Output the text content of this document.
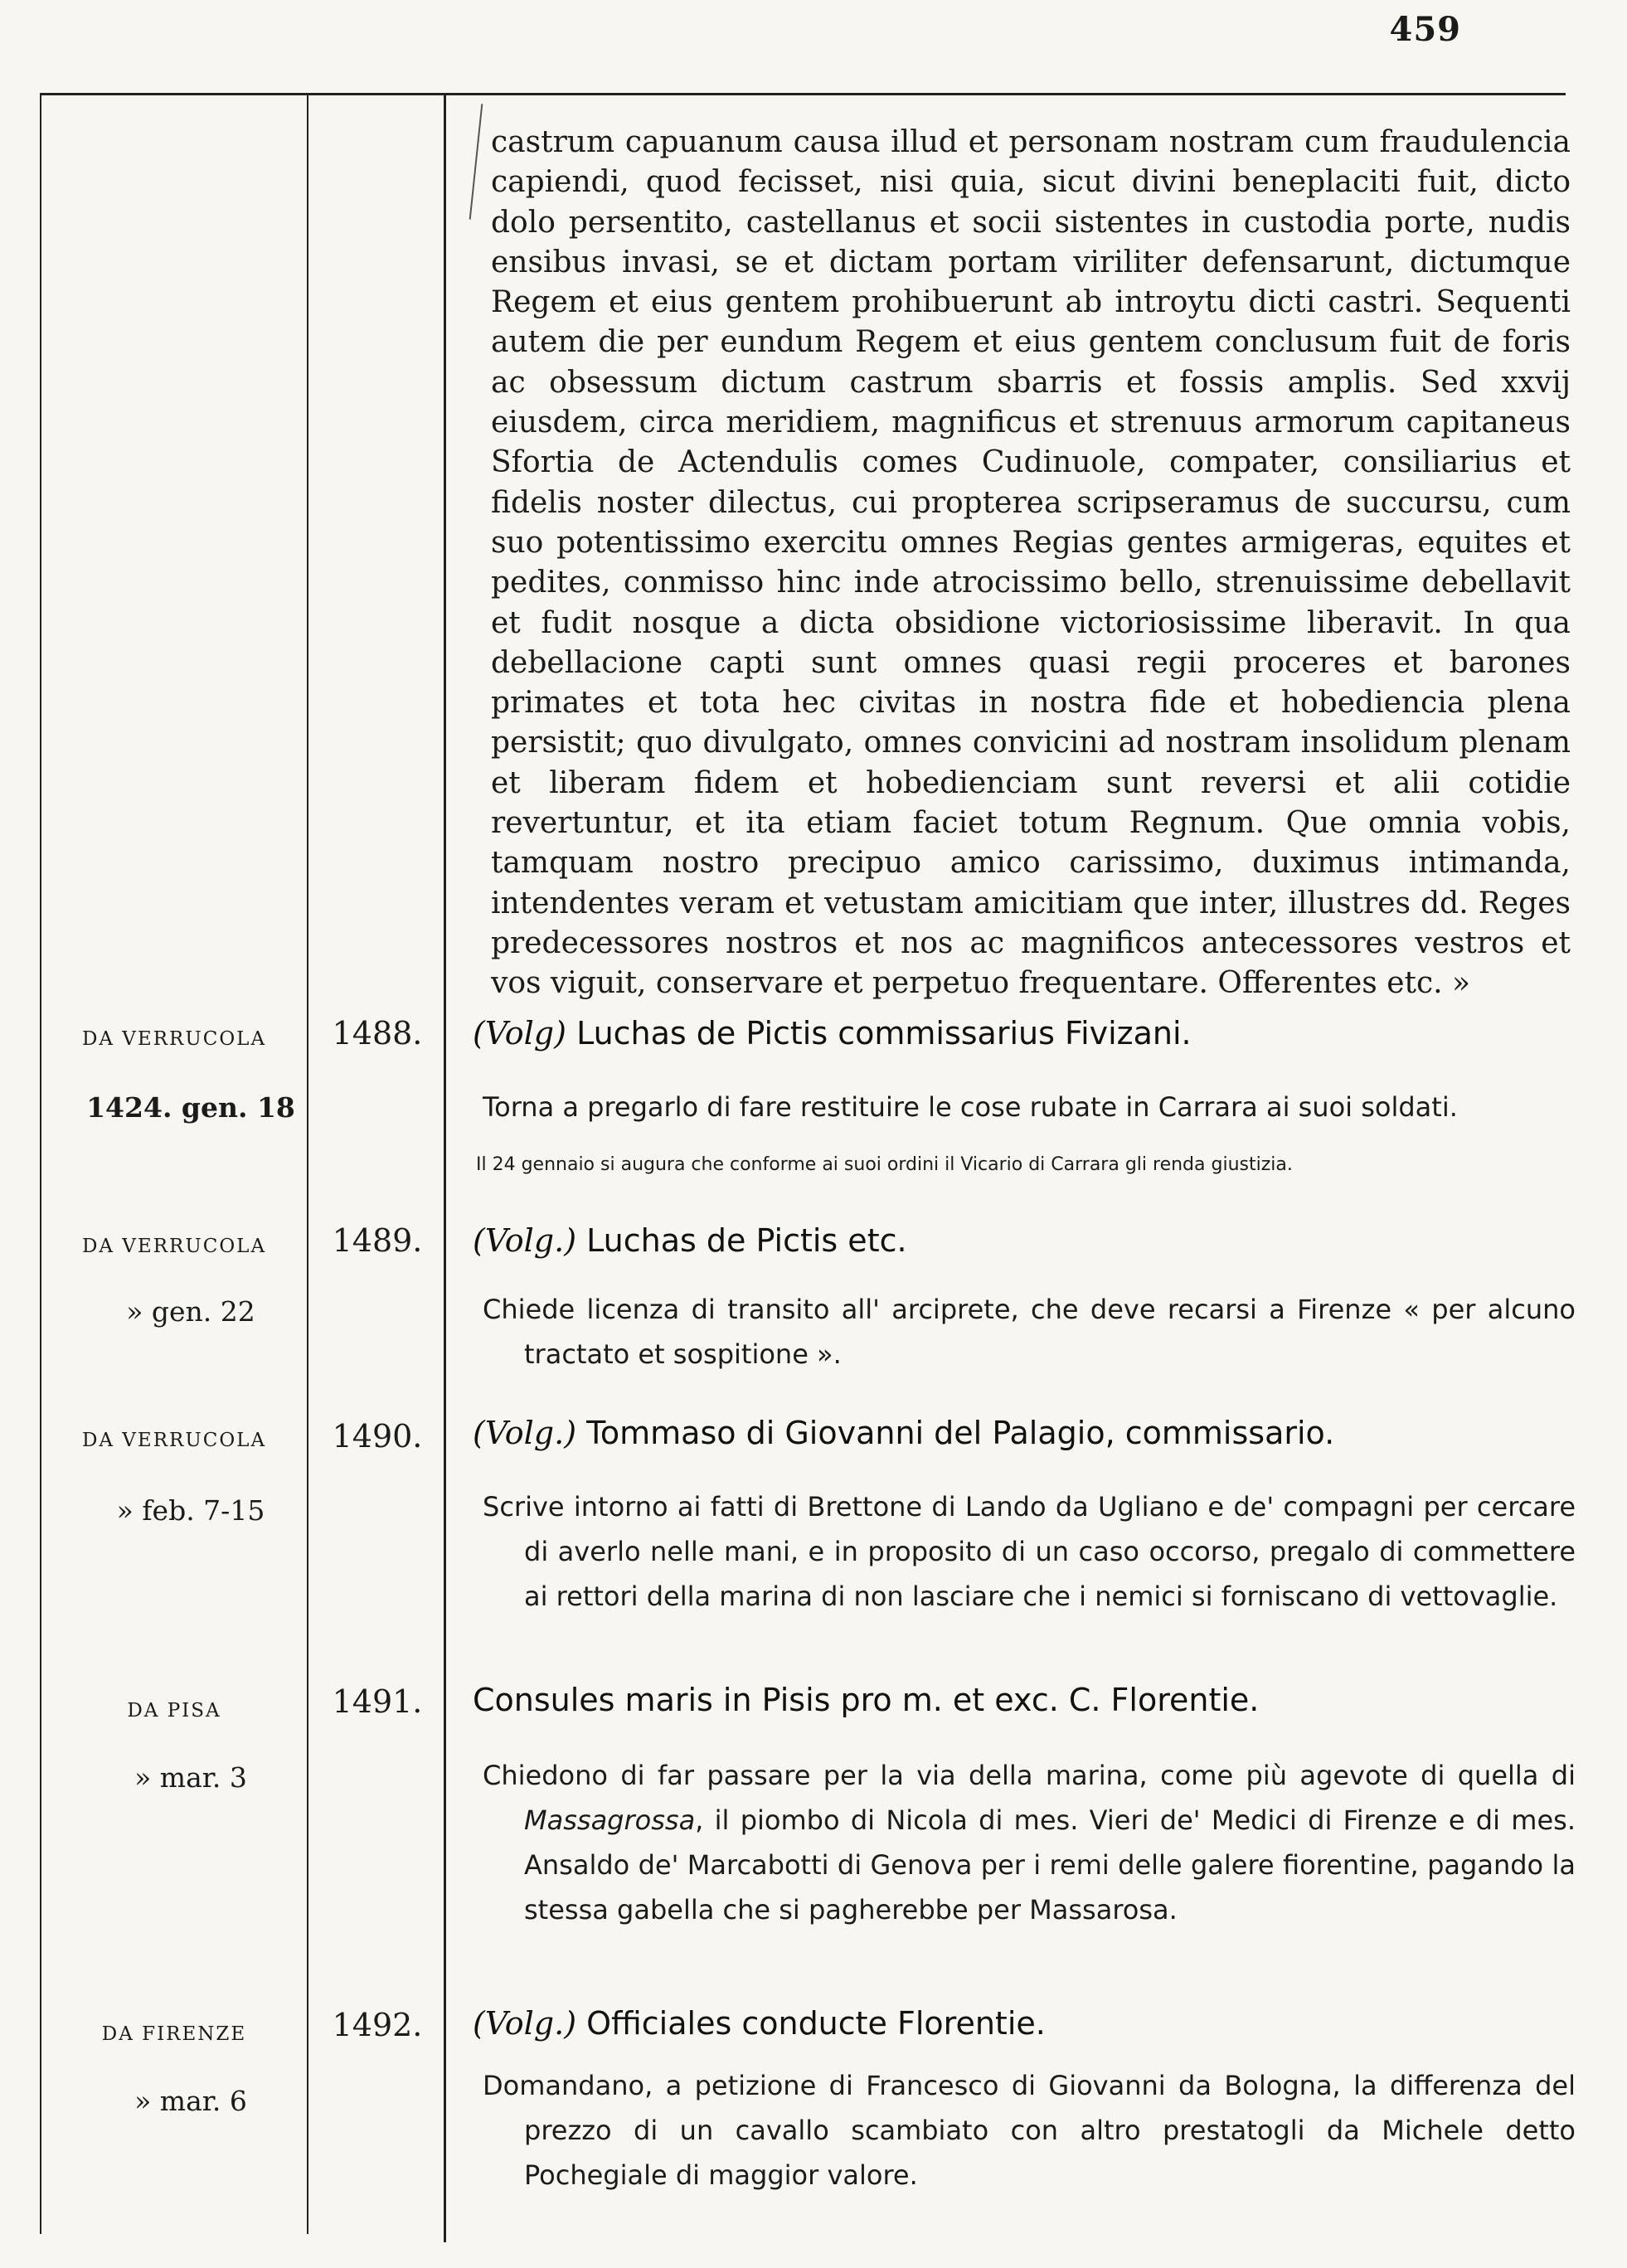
459

castrum capuanum causa illud et personam nostram cum fraudulencia capiendi, quod fecisset, nisi quia, sicut divini beneplaciti fuit, dicto dolo persentito, castellanus et socii sistentes in custodia porte, nudis ensibus invasi, se et dictam portam viriliter defensarunt, dictumque Regem et eius gentem prohibuerunt ab introytu dicti castri. Sequenti autem die per eundum Regem et eius gentem conclusum fuit de foris ac obsessum dictum castrum sbarris et fossis amplis. Sed xxvij eiusdem, circa meridiem, magnificus et strenuus armorum capitaneus Sfortia de Actendulis comes Cudinuole, compater, consiliarius et fidelis noster dilectus, cui propterea scripseramus de succursu, cum suo potentissimo exercitu omnes Regias gentes armigeras, equites et pedites, conmisso hinc inde atrocissimo bello, strenuissime debellavit et fudit nosque a dicta obsidione victoriosissime liberavit. In qua debellacione capti sunt omnes quasi regii proceres et barones primates et tota hec civitas in nostra fide et hobediencia plena persistit; quo divulgato, omnes convicini ad nostram insolidum plenam et liberam fidem et hobedienciam sunt reversi et alii cotidie revertuntur, et ita etiam faciet totum Regnum. Que omnia vobis, tamquam nostro precipuo amico carissimo, duximus intimanda, intendentes veram et vetustam amicitiam que inter, illustres dd. Reges predecessores nostros et nos ac magnificos antecessores vestros et vos viguit, conservare et perpetuo frequentare. Offerentes etc. »

DA VERRUCOLA	1488.	(Volg) Luchas de Pictis commissarius Fivizani.
1424. gen. 18	Torna a pregarlo di fare restituire le cose rubate in Carrara ai suoi soldati.
Il 24 gennaio si augura che conforme ai suoi ordini il Vicario di Carrara gli renda giustizia.
DA VERRUCOLA	1489.	(Volg.) Luchas de Pictis etc.
» gen. 22	Chiede licenza di transito all' arciprete, che deve recarsi a Firenze « per alcuno tractato et sospitione ».
DA VERRUCOLA	1490.	(Volg.) Tommaso di Giovanni del Palagio, commissario.
» feb. 7-15	Scrive intorno ai fatti di Brettone di Lando da Ugliano e de' compagni per cercare di averlo nelle mani, e in proposito di un caso occorso, pregalo di commettere ai rettori della marina di non lasciare che i nemici si forniscano di vettovaglie.
DA PISA	1491.	Consules maris in Pisis pro m. et exc. C. Florentie.
» mar. 3	Chiedono di far passare per la via della marina, come più agevote di quella di Massagrossa, il piombo di Nicola di mes. Vieri de' Medici di Firenze e di mes. Ansaldo de' Marcabotti di Genova per i remi delle galere fiorentine, pagando la stessa gabella che si pagherebbe per Massarosa.
DA FIRENZE	1492.	(Volg.) Officiales conducte Florentie.
» mar. 6	Domandano, a petizione di Francesco di Giovanni da Bologna, la differenza del prezzo di un cavallo scambiato con altro prestatogli da Michele detto Pochegiale di maggior valore.
